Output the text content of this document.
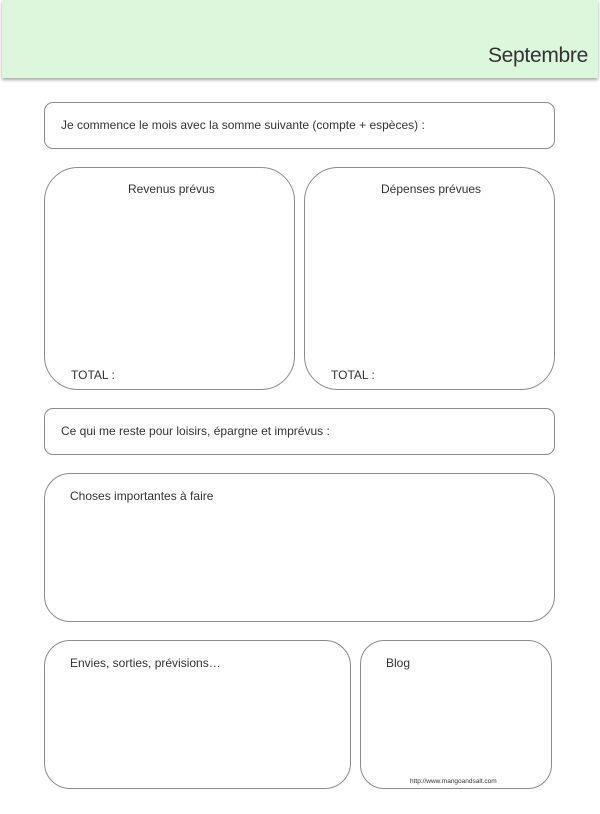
Septembre
Je commence le mois avec la somme suivante (compte + espèces) :
Revenus prévus
TOTAL :
Dépenses prévues
TOTAL :
Ce qui me reste pour loisirs, épargne et imprévus :
Choses importantes à faire
Envies, sorties, prévisions…	Blog
http://www.mangoandsalt.com
